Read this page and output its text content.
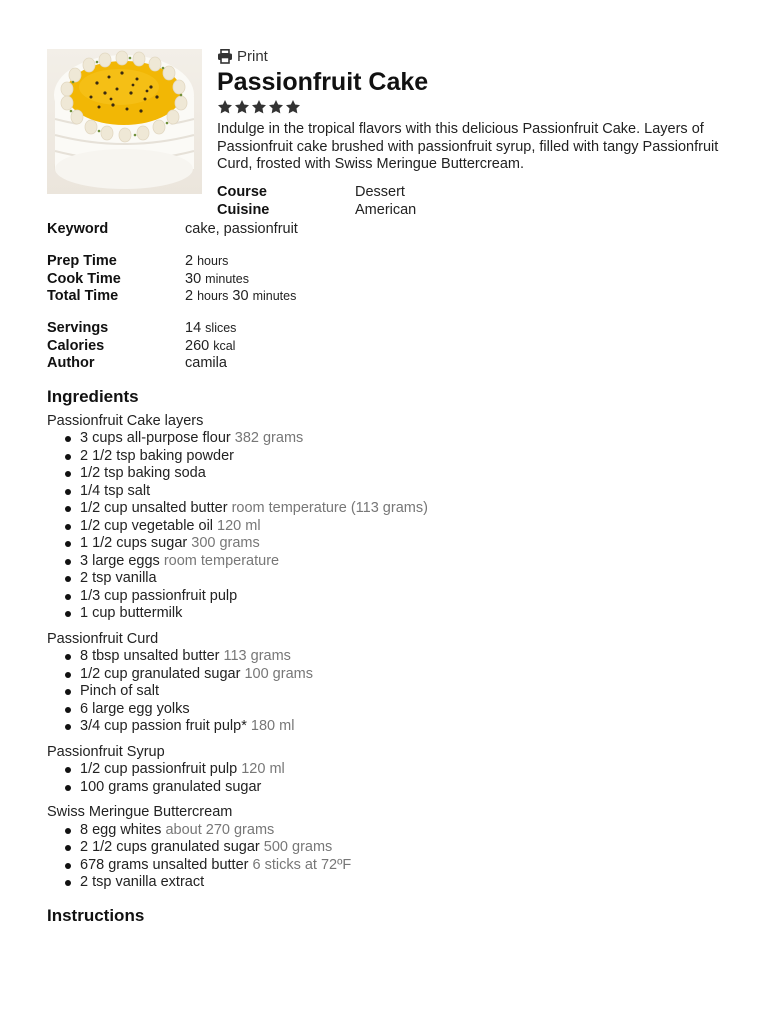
Print
Passionfruit Cake
Indulge in the tropical flavors with this delicious Passionfruit Cake. Layers of Passionfruit cake brushed with passionfruit syrup, filled with tangy Passionfruit Curd, frosted with Swiss Meringue Buttercream.
Course	Dessert
Cuisine	American
Keyword	cake, passionfruit
Prep Time	2 hours
Cook Time	30 minutes
Total Time	2 hours 30 minutes
Servings	14 slices
Calories	260 kcal
Author	camila
Ingredients
Passionfruit Cake layers
3 cups all-purpose flour 382 grams
2 1/2 tsp baking powder
1/2 tsp baking soda
1/4 tsp salt
1/2 cup unsalted butter room temperature (113 grams)
1/2 cup vegetable oil 120 ml
1 1/2 cups sugar 300 grams
3 large eggs room temperature
2 tsp vanilla
1/3 cup passionfruit pulp
1 cup buttermilk
Passionfruit Curd
8 tbsp unsalted butter 113 grams
1/2 cup granulated sugar 100 grams
Pinch of salt
6 large egg yolks
3/4 cup passion fruit pulp* 180 ml
Passionfruit Syrup
1/2 cup passionfruit pulp 120 ml
100 grams granulated sugar
Swiss Meringue Buttercream
8 egg whites about 270 grams
2 1/2 cups granulated sugar 500 grams
678 grams unsalted butter 6 sticks at 72ºF
2 tsp vanilla extract
Instructions
